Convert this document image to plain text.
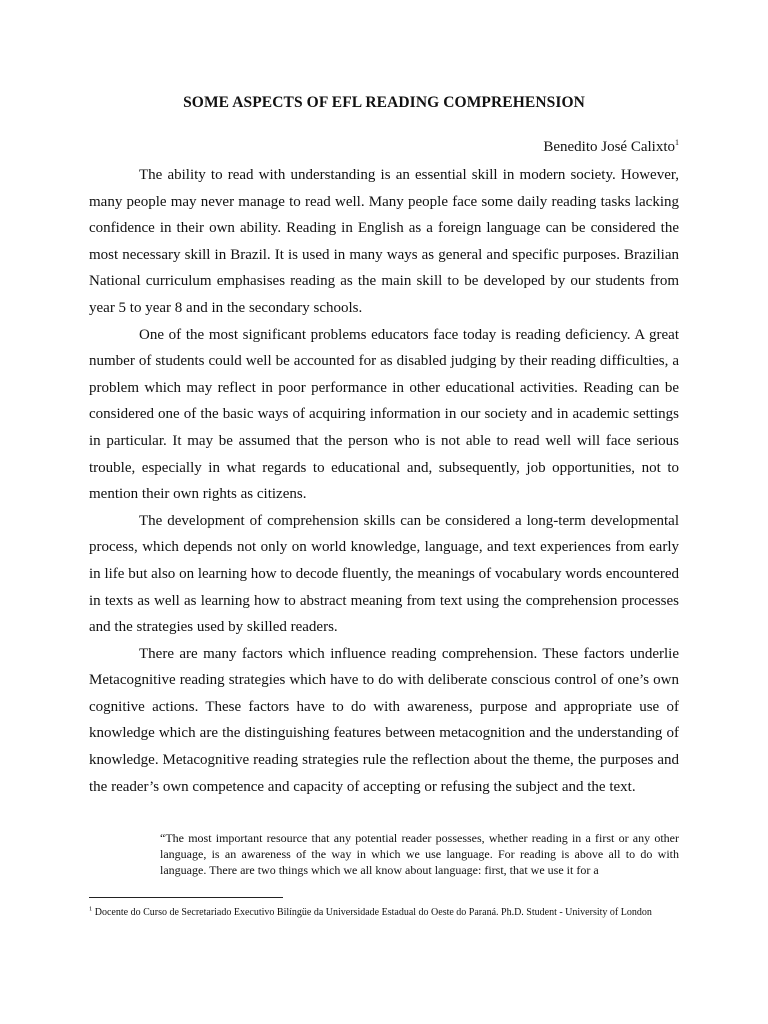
SOME ASPECTS OF EFL READING COMPREHENSION
Benedito José Calixto$^1$

The ability to read with understanding is an essential skill in modern society. However, many people may never manage to read well. Many people face some daily reading tasks lacking confidence in their own ability. Reading in English as a foreign language can be considered the most necessary skill in Brazil. It is used in many ways as general and specific purposes. Brazilian National curriculum emphasises reading as the main skill to be developed by our students from year 5 to year 8 and in the secondary schools.

One of the most significant problems educators face today is reading deficiency. A great number of students could well be accounted for as disabled judging by their reading difficulties, a problem which may reflect in poor performance in other educational activities. Reading can be considered one of the basic ways of acquiring information in our society and in academic settings in particular. It may be assumed that the person who is not able to read well will face serious trouble, especially in what regards to educational and, subsequently, job opportunities, not to mention their own rights as citizens.

The development of comprehension skills can be considered a long-term developmental process, which depends not only on world knowledge, language, and text experiences from early in life but also on learning how to decode fluently, the meanings of vocabulary words encountered in texts as well as learning how to abstract meaning from text using the comprehension processes and the strategies used by skilled readers.

There are many factors which influence reading comprehension. These factors underlie Metacognitive reading strategies which have to do with deliberate conscious control of one’s own cognitive actions. These factors have to do with awareness, purpose and appropriate use of knowledge which are the distinguishing features between metacognition and the understanding of knowledge. Metacognitive reading strategies rule the reflection about the theme, the purposes and the reader’s own competence and capacity of accepting or refusing the subject and the text.

“The most important resource that any potential reader possesses, whether reading in a first or any other language, is an awareness of the way in which we use language. For reading is above all to do with language. There are two things which we all know about language: first, that we use it for a

$^1$ Docente do Curso de Secretariado Executivo Bilíngüe da Universidade Estadual do Oeste do Paraná. Ph.D. Student - University of London
